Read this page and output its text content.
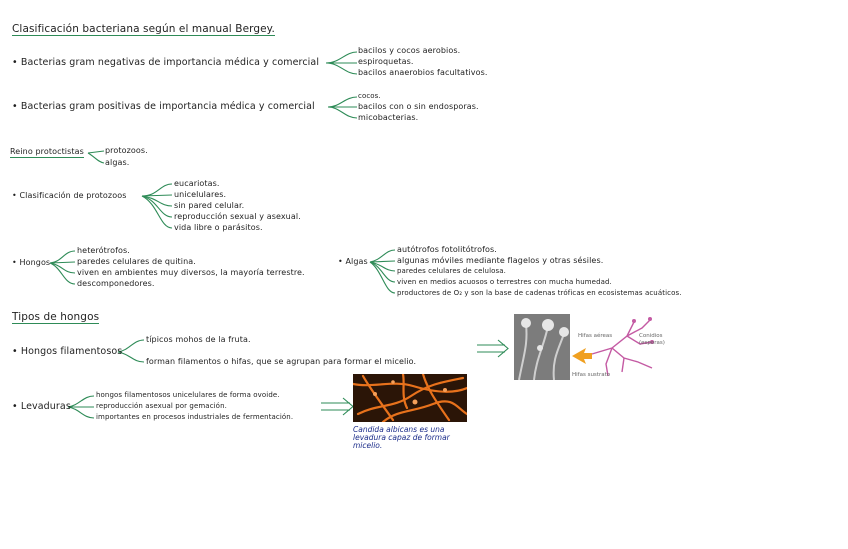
Clasificación bacteriana según el manual Bergey.
• Bacterias gram negativas de importancia médica y comercial
bacilos y cocos aerobios.
espiroquetas.
bacilos anaerobios facultativos.
• Bacterias gram positivas de importancia médica y comercial
cocos.
bacilos con o sin endosporas.
micobacterias.
Reino protoctistas	protozoos.
algas.
• Clasificación de protozoos
eucariotas.
unicelulares.
sin pared celular.
reproducción sexual y asexual.
vida libre o parásitos.
• Hongos
heterótrofos.
paredes celulares de quitina.
viven en ambientes muy diversos, la mayoría terrestre.
descomponedores.
• Algas
autótrofos fotolitótrofos.
algunas móviles mediante flagelos y otras sésiles.
paredes celulares de celulosa.
viven en medios acuosos o terrestres con mucha humedad.
productores de O₂ y son la base de cadenas tróficas en ecosistemas acuáticos.
Tipos de hongos
• Hongos filamentosos
típicos mohos de la fruta.
forman filamentos o hifas, que se agrupan para formar el micelio.
• Levaduras
hongos filamentosos unicelulares de forma ovoide.
reproducción asexual por gemación.
importantes en procesos industriales de fermentación.
Hifas aéreas	Conidios
(esporas)
Hifas sustrato
Candida albicans es una
levadura capaz de formar
micelio.
